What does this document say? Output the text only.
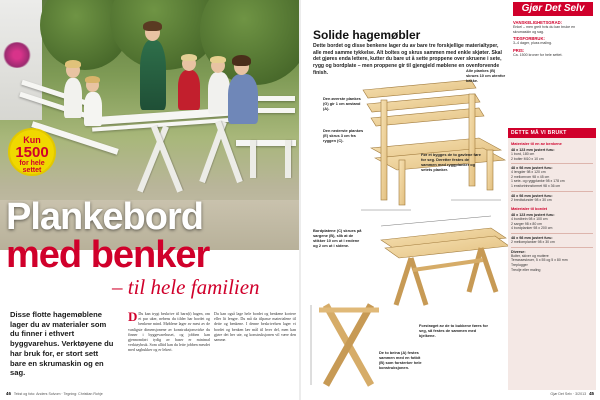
Kun
1500
for hele settet
Plankebord
med benker
– til hele familien
Disse flotte hagemøblene lager du av materialer som du finner i ethvert byggvarehus. Verktøyene du har bruk for, er stort sett bare en skrumaskin og en sag.
D Du kan trygt beskrive til barn(i) hagen, om et par uker, nebens du tilder har bordet og benkene mind. Møblene lager av mest av de vanligste dimensjonene av konstruksjonsvirke du finner i byggevarehuset, og jobben kan gjennomført tydig av baser er minimal verktøybruk. Som alltid kan du lette jobben mesdet med sagbukker og er lekeri.
Du kan også lage hele bordet og benkene kortere eller lit lengre. Du må da tilpasse materialene til dette og benkene. I denne beskrivelsen lager vi bordet og benken lær mål til hver del, men kan gjøre det her ute, og konstruksjonen vil være den samme.
46 Tekst og foto: Anders Solvom · Tegning: Christian Rohje
Gjør Det Selv
VANSKELIGHETSGRAD:
Enkel – men greit hvis du kan bruke en skrumaskin og sag.
TIDSFORBRUK:
3–4 dager, pluss maling.
PRIS:
Ca. 1500 kroner for hele settet.
Solide hagemøbler
Dette bordet og disse benkene lager du av bare tre forskjellige materialtyper, alle med samme tykkelse. Alt boltes og skrus sammen med enkle skjøter. Skal det gjøres enda lettere, kutter du bare ut å sette proppene over skruene i sete, rygg og bordplate – men proppene gir til gjengjeld møblene en ovenforvende finish.
Den øverste plankes (G) gir 1 cm avstand (A).
Den nederste plankes (E) skrus 3 cm fra ryggen (C).
Alle plankes (B) skrues 10 cm utenfor bakke.
Før et bygges de to gavlene føre for seg. Deretter festes de sammen med ryggplanker og setets planker.
Bordplatene (C) skrues på sargene (B), slik at de stikker 10 cm ut i endene og 2 cm ut i sidene.
Forstrøget av de to bukkene føres for seg, så festes de sammen med bjelkene.
De to beina (A) festes sammen med en fotbit (B) som forsterker hele konstruksjonen.
DETTE MÅ VI BRUKT
Materialer til en av benkene
48 x 123 mm justert furu:
1 bord, 180 cm
2 bolter M10 x 10 cm
48 x 98 mm justert furu:
4 lengder 98 x 120 cm
2 mellomrom 98 x 45 cm
1 sete- og ryggplanke 98 x 178 cm
1 ensfortrinnsformet 98 x 36 cm
48 x 98 mm justert furu:
2 bredtalunder 98 x 30 cm
Materialer til bordet
48 x 123 mm justert furu:
4 bordbein 98 x 100 cm
2 sarger 98 x 80 cm
4 bordplanker 98 x 200 cm
48 x 98 mm justert furu:
2 mellomplanker 98 x 30 cm
Diverse:
Bolter, skiver og muttere
Terrasseskruer, 5 x 55 og 5 x 80 mm
Treplugger
Treolje eller maling
Gjør Det Selv · 3/2013 45
